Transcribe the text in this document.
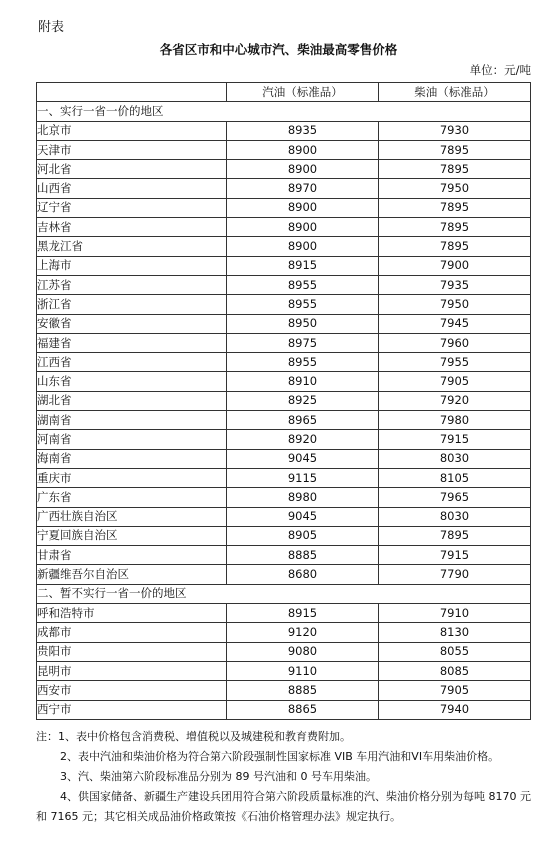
附表
各省区市和中心城市汽、柴油最高零售价格
单位：元/吨
	汽油（标准品）	柴油（标准品）
一、实行一省一价的地区		
北京市	8935	7930
天津市	8900	7895
河北省	8900	7895
山西省	8970	7950
辽宁省	8900	7895
吉林省	8900	7895
黑龙江省	8900	7895
上海市	8915	7900
江苏省	8955	7935
浙江省	8955	7950
安徽省	8950	7945
福建省	8975	7960
江西省	8955	7955
山东省	8910	7905
湖北省	8925	7920
湖南省	8965	7980
河南省	8920	7915
海南省	9045	8030
重庆市	9115	8105
广东省	8980	7965
广西壮族自治区	9045	8030
宁夏回族自治区	8905	7895
甘肃省	8885	7915
新疆维吾尔自治区	8680	7790
二、暂不实行一省一价的地区		
呼和浩特市	8915	7910
成都市	9120	8130
贵阳市	9080	8055
昆明市	9110	8085
西安市	8885	7905
西宁市	8865	7940

注：1、表中价格包含消费税、增值税以及城建税和教育费附加。

2、表中汽油和柴油价格为符合第六阶段强制性国家标准 VIB 车用汽油和VI车用柴油价格。

3、汽、柴油第六阶段标准品分别为 89 号汽油和 0 号车用柴油。

4、供国家储备、新疆生产建设兵团用符合第六阶段质量标准的汽、柴油价格分别为每吨 8170 元和 7165 元；其它相关成品油价格政策按《石油价格管理办法》规定执行。
